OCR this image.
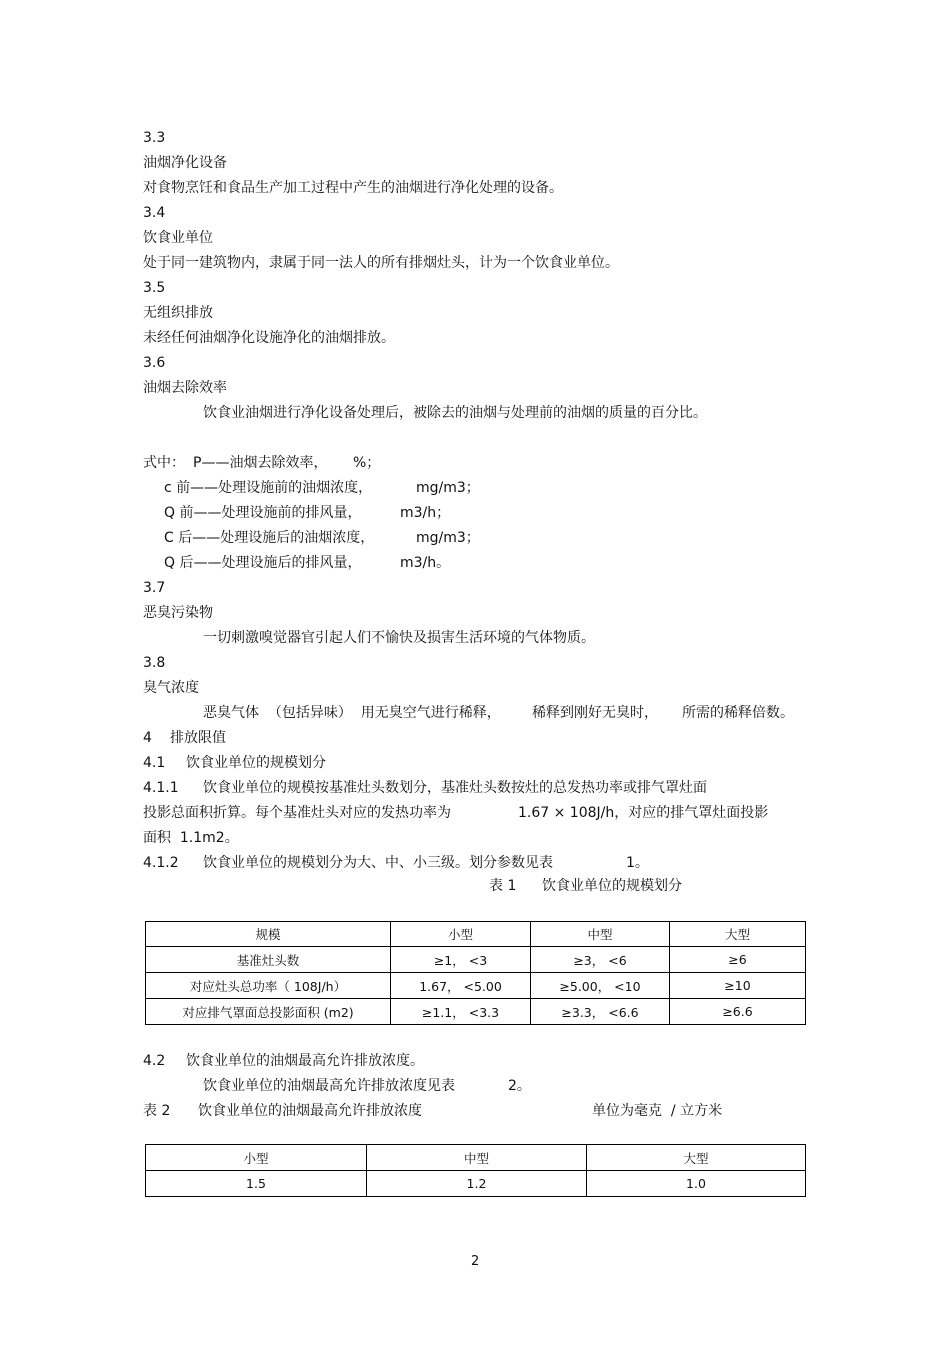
3.3
油烟净化设备
对食物烹饪和食品生产加工过程中产生的油烟进行净化处理的设备。
3.4
饮食业单位
处于同一建筑物内，隶属于同一法人的所有排烟灶头，计为一个饮食业单位。
3.5
无组织排放
未经任何油烟净化设施净化的油烟排放。
3.6
油烟去除效率
饮食业油烟进行净化设备处理后，被除去的油烟与处理前的油烟的质量的百分比。
式中： P——油烟去除效率， %；
c 前——处理设施前的油烟浓度，	mg/m3；
Q 前——处理设施前的排风量，	m3/h；
C 后——处理设施后的油烟浓度，	mg/m3；
Q 后——处理设施后的排风量，	m3/h。
3.7
恶臭污染物
一切刺激嗅觉器官引起人们不愉快及损害生活环境的气体物质。
3.8
臭气浓度
恶臭气体  （包括异味）  用无臭空气进行稀释， 稀释到刚好无臭时， 所需的稀释倍数。
4 排放限值
4.1 饮食业单位的规模划分
4.1.1 饮食业单位的规模按基准灶头数划分，基准灶头数按灶的总发热功率或排气罩灶面
投影总面积折算。每个基准灶头对应的发热功率为	1.67 × 108J/h，对应的排气罩灶面投影
面积  1.1m2。
4.1.2 饮食业单位的规模划分为大、中、小三级。划分参数见表	1。
表 1 饮食业单位的规模划分
规模	小型	中型	大型
基准灶头数	≥1， <3	≥3， <6	≥6
对应灶头总功率（ 108J/h）	1.67， <5.00	≥5.00， <10	≥10
对应排气罩面总投影面积 (m2)	≥1.1， <3.3	≥3.3， <6.6	≥6.6
4.2 饮食业单位的油烟最高允许排放浓度。
饮食业单位的油烟最高允许排放浓度见表	2。
表 2 饮食业单位的油烟最高允许排放浓度	单位为毫克  / 立方米
小型	中型	大型
1.5	1.2	1.0
2
